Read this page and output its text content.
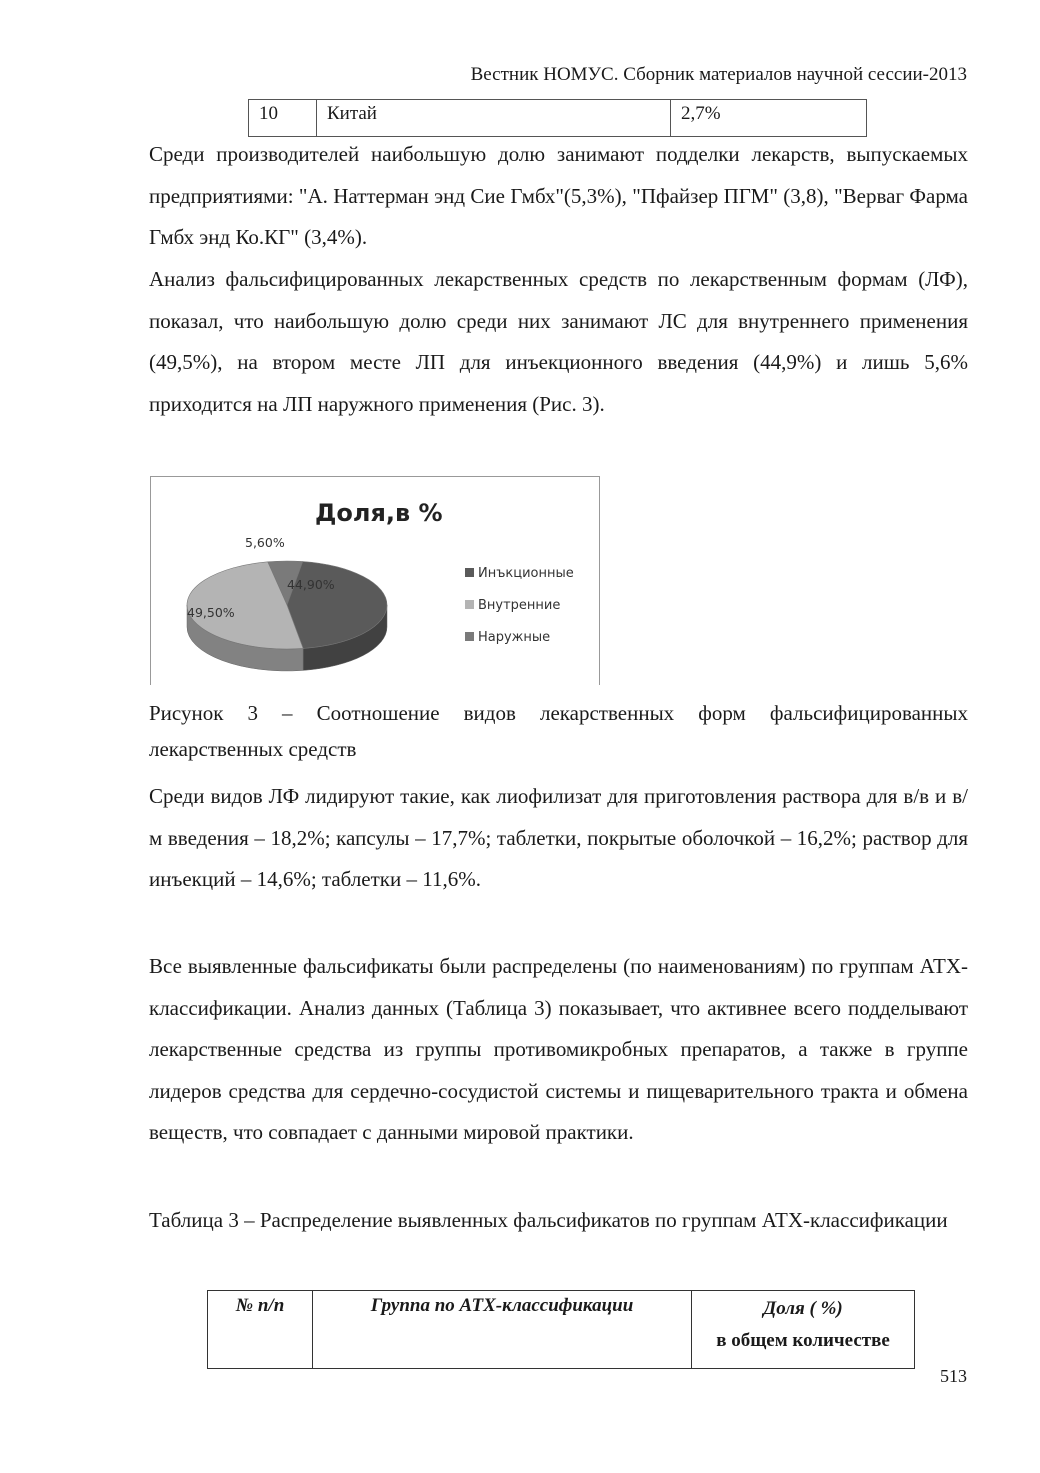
Вестник НОМУС. Сборник материалов научной сессии-2013
10	Китай	2,7%

Среди производителей наибольшую долю занимают подделки лекарств, выпускаемых предприятиями: "А. Наттерман энд Сие Гмбх"(5,3%), "Пфайзер ПГМ" (3,8), "Верваг Фарма Гмбх энд Ко.КГ" (3,4%).

Анализ фальсифицированных лекарственных средств по лекарственным формам (ЛФ), показал, что наибольшую долю среди них занимают ЛС для внутреннего применения (49,5%), на втором месте ЛП для инъекционного введения (44,9%) и лишь 5,6% приходится на ЛП наружного применения (Рис. 3).

Доля,в %
44,90%
49,50%
5,60%
Инъкционные
Внутренние
Наружные

Рисунок 3 – Соотношение видов лекарственных форм фальсифицированных лекарственных средств

Среди видов ЛФ лидируют такие, как лиофилизат для приготовления раствора для в/в и в/м введения – 18,2%; капсулы – 17,7%; таблетки, покрытые оболочкой – 16,2%; раствор для инъекций – 14,6%; таблетки – 11,6%.

Все выявленные фальсификаты были распределены (по наименованиям) по группам АТХ-классификации. Анализ данных (Таблица 3) показывает, что активнее всего подделывают лекарственные средства из группы противомикробных препаратов, а также в группе лидеров средства для сердечно-сосудистой системы и пищеварительного тракта и обмена веществ, что совпадает с данными мировой практики.

Таблица 3 – Распределение выявленных фальсификатов по группам АТХ-классификации

№ п/п	Группа по АТХ-классификации	Доля ( %)
в общем количестве
513
